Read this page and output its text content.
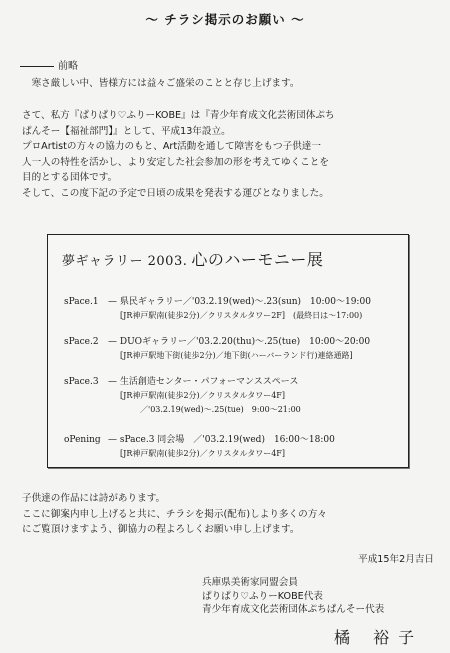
〜 チラシ掲示のお願い 〜
前略
　寒さ厳しい中、皆様方には益々ご盛栄のことと存じ上げます。
さて、私方『ぱりぱり♡ふりーKOBE』は『青少年育成文化芸術団体ぷち
ぱんそー【福祉部門】』として、平成13年設立。
プロArtistの方々の協力のもと、Art活動を通して障害をもつ子供達一
人一人の特性を活かし、より安定した社会参加の形を考えてゆくことを
目的とする団体です。
そして、この度下記の予定で日頃の成果を発表する運びとなりました。
夢ギャラリー 2003. 心のハーモニー展
sPace.1 — 県民ギャラリー／'03.2.19(wed)〜.23(sun)　10:00〜19:00
[JR神戸駅南(徒歩2分)／クリスタルタワー2F]　(最終日は〜17:00)
sPace.2 — DUOギャラリー／'03.2.20(thu)〜.25(tue)　10:00〜20:00
[JR神戸駅地下街(徒歩2分)／地下街(ハーバーランド行)連絡通路]
sPace.3 — 生活創造センター・パフォーマンススペース
[JR神戸駅南(徒歩2分)／クリスタルタワー4F]
／'03.2.19(wed)〜.25(tue)　9:00〜21:00
oPening — sPace.3 同会場　／'03.2.19(wed)　16:00〜18:00
[JR神戸駅南(徒歩2分)／クリスタルタワー4F]
子供達の作品には詩があります。
ここに御案内申し上げると共に、チラシを掲示(配布)しより多くの方々
にご覧頂けますよう、御協力の程よろしくお願い申し上げます。
平成15年2月吉日
兵庫県美術家同盟会員
ぱりぱり♡ふりーKOBE代表
青少年育成文化芸術団体ぷちぱんそー代表
橘 裕子
